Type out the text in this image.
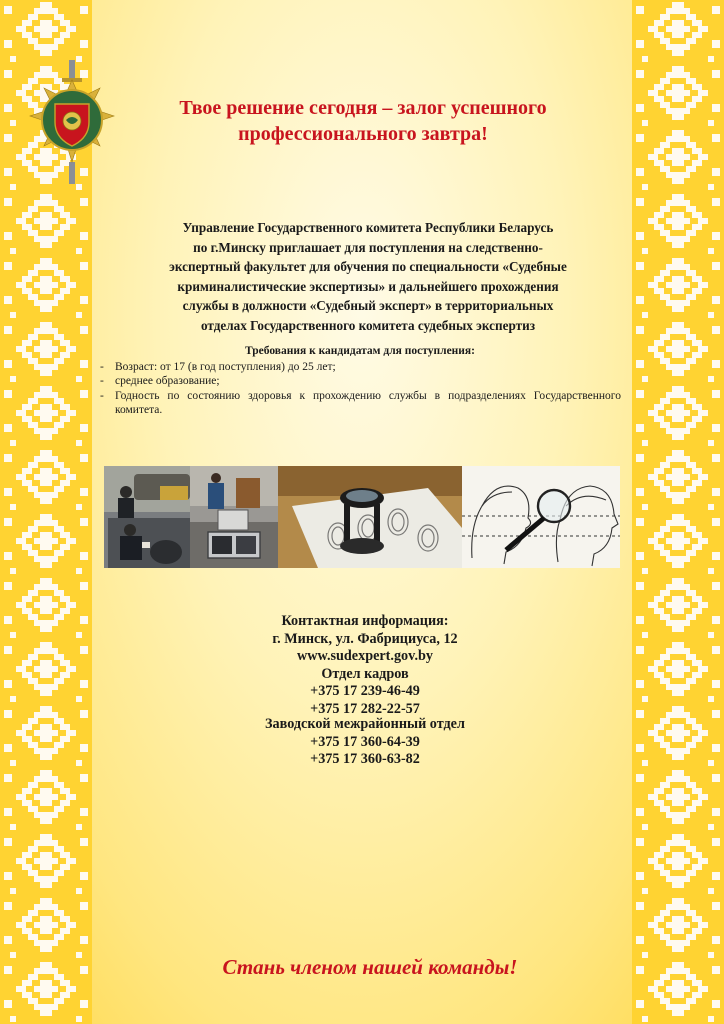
Твое решение сегодня – залог успешного
профессионального завтра!
Управление Государственного комитета Республики Беларусь
по г.Минску приглашает для поступления на следственно-
экспертный факультет для обучения по специальности «Судебные
криминалистические экспертизы» и дальнейшего прохождения
службы в должности «Судебный эксперт» в территориальных
отделах Государственного комитета судебных экспертиз
Требования к кандидатам для поступления:
- Возраст: от 17 (в год поступления) до 25 лет;
- среднее образование;
- Годность по состоянию здоровья к прохождению службы в подразделениях Государственного комитета.
Контактная информация:
г. Минск, ул. Фабрициуса, 12
www.sudexpert.gov.by
Отдел кадров
+375 17 239-46-49
+375 17 282-22-57
Заводской межрайонный отдел
+375 17 360-64-39
+375 17 360-63-82
Стань членом нашей команды!
